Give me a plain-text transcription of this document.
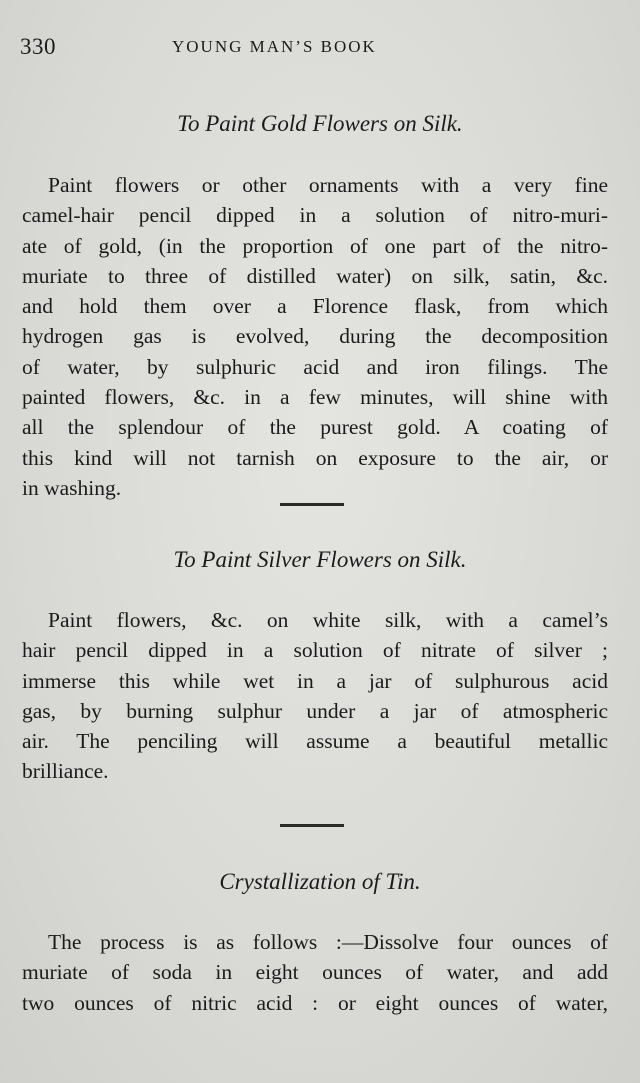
330	YOUNG MAN’S BOOK
To Paint Gold Flowers on Silk.
Paint flowers or other ornaments with a very fine
camel-hair pencil dipped in a solution of nitro-muri-
ate of gold, (in the proportion of one part of the nitro-
muriate to three of distilled water) on silk, satin, &c.
and hold them over a Florence flask, from which
hydrogen gas is evolved, during the decomposition
of water, by sulphuric acid and iron filings. The
painted flowers, &c. in a few minutes, will shine with
all the splendour of the purest gold. A coating of
this kind will not tarnish on exposure to the air, or
in washing.
To Paint Silver Flowers on Silk.
Paint flowers, &c. on white silk, with a camel’s
hair pencil dipped in a solution of nitrate of silver ;
immerse this while wet in a jar of sulphurous acid
gas, by burning sulphur under a jar of atmospheric
air. The penciling will assume a beautiful metallic
brilliance.
Crystallization of Tin.
The process is as follows :—Dissolve four ounces of
muriate of soda in eight ounces of water, and add
two ounces of nitric acid : or eight ounces of water,
